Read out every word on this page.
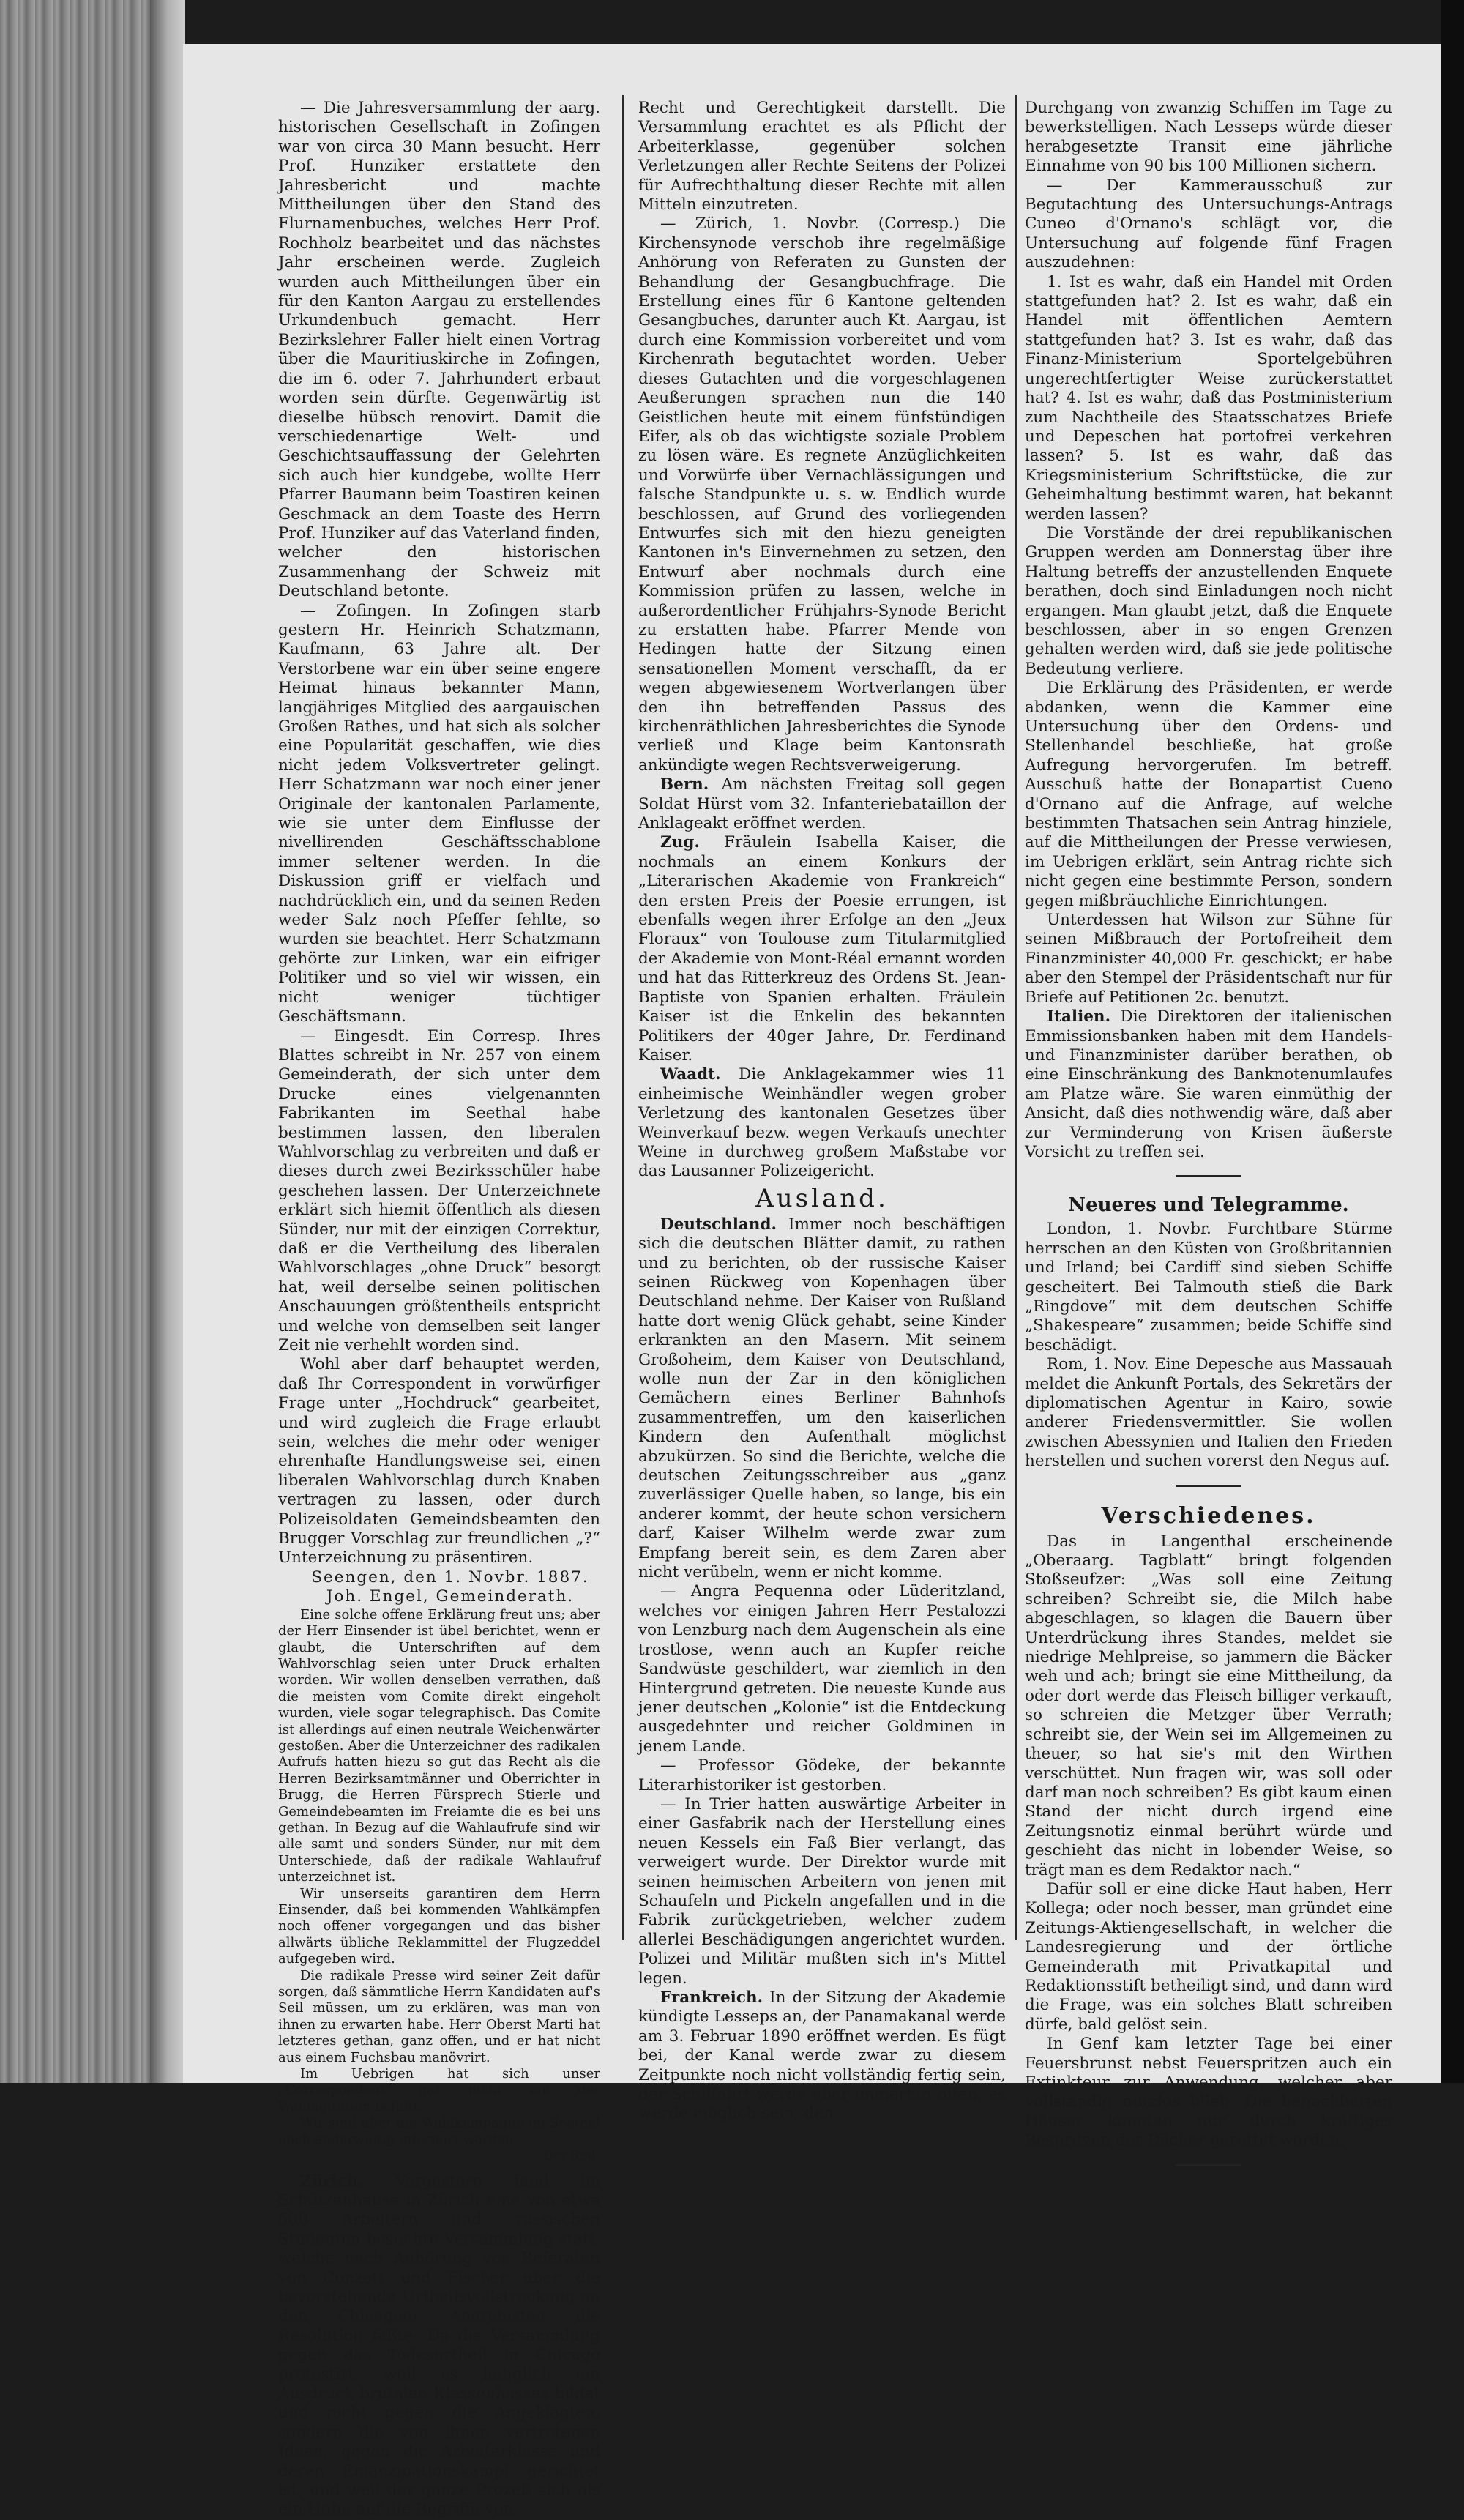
— Die Jahresversammlung der aarg. historischen Gesellschaft in Zofingen war von circa 30 Mann besucht. Herr Prof. Hunziker erstattete den Jahresbericht und machte Mittheilungen über den Stand des Flurnamenbuches, welches Herr Prof. Rochholz bearbeitet und das nächstes Jahr erscheinen werde. Zugleich wurden auch Mittheilungen über ein für den Kanton Aargau zu erstellendes Urkundenbuch gemacht. Herr Bezirkslehrer Faller hielt einen Vortrag über die Mauritiuskirche in Zofingen, die im 6. oder 7. Jahrhundert erbaut worden sein dürfte. Gegenwärtig ist dieselbe hübsch renovirt. Damit die verschiedenartige Welt- und Geschichtsauffassung der Gelehrten sich auch hier kundgebe, wollte Herr Pfarrer Baumann beim Toastiren keinen Geschmack an dem Toaste des Herrn Prof. Hunziker auf das Vaterland finden, welcher den historischen Zusammenhang der Schweiz mit Deutschland betonte.

— Zofingen. In Zofingen starb gestern Hr. Heinrich Schatzmann, Kaufmann, 63 Jahre alt. Der Verstorbene war ein über seine engere Heimat hinaus bekannter Mann, langjähriges Mitglied des aargauischen Großen Rathes, und hat sich als solcher eine Popularität geschaffen, wie dies nicht jedem Volksvertreter gelingt. Herr Schatzmann war noch einer jener Originale der kantonalen Parlamente, wie sie unter dem Einflusse der nivellirenden Geschäftsschablone immer seltener werden. In die Diskussion griff er vielfach und nachdrücklich ein, und da seinen Reden weder Salz noch Pfeffer fehlte, so wurden sie beachtet. Herr Schatzmann gehörte zur Linken, war ein eifriger Politiker und so viel wir wissen, ein nicht weniger tüchtiger Geschäftsmann.

— Eingesdt. Ein Corresp. Ihres Blattes schreibt in Nr. 257 von einem Gemeinderath, der sich unter dem Drucke eines vielgenannten Fabrikanten im Seethal habe bestimmen lassen, den liberalen Wahlvorschlag zu verbreiten und daß er dieses durch zwei Bezirksschüler habe geschehen lassen. Der Unterzeichnete erklärt sich hiemit öffentlich als diesen Sünder, nur mit der einzigen Correktur, daß er die Vertheilung des liberalen Wahlvorschlages „ohne Druck“ besorgt hat, weil derselbe seinen politischen Anschauungen größtentheils entspricht und welche von demselben seit langer Zeit nie verhehlt worden sind.

Wohl aber darf behauptet werden, daß Ihr Correspondent in vorwürfiger Frage unter „Hochdruck“ gearbeitet, und wird zugleich die Frage erlaubt sein, welches die mehr oder weniger ehrenhafte Handlungsweise sei, einen liberalen Wahlvorschlag durch Knaben vertragen zu lassen, oder durch Polizeisoldaten Gemeindsbeamten den Brugger Vorschlag zur freundlichen „?“ Unterzeichnung zu präsentiren.

Seengen, den 1. Novbr. 1887.

Joh. Engel, Gemeinderath.

Eine solche offene Erklärung freut uns; aber der Herr Einsender ist übel berichtet, wenn er glaubt, die Unterschriften auf dem Wahlvorschlag seien unter Druck erhalten worden. Wir wollen denselben verrathen, daß die meisten vom Comite direkt eingeholt wurden, viele sogar telegraphisch. Das Comite ist allerdings auf einen neutrale Weichenwärter gestoßen. Aber die Unterzeichner des radikalen Aufrufs hatten hiezu so gut das Recht als die Herren Bezirksamtmänner und Oberrichter in Brugg, die Herren Fürsprech Stierle und Gemeindebeamten im Freiamte die es bei uns gethan. In Bezug auf die Wahlaufrufe sind wir alle samt und sonders Sünder, nur mit dem Unterschiede, daß der radikale Wahlaufruf unterzeichnet ist.

Wir unserseits garantiren dem Herrn Einsender, daß bei kommenden Wahlkämpfen noch offener vorgegangen und das bisher allwärts übliche Reklammittel der Flugzeddel aufgegeben wird.

Die radikale Presse wird seiner Zeit dafür sorgen, daß sämmtliche Herrn Kandidaten auf's Seil müssen, um zu erklären, was man von ihnen zu erwarten habe. Herr Oberst Marti hat letzteres gethan, ganz offen, und er hat nicht aus einem Fuchsbau manövrirt.

Im Uebrigen hat sich unser „Correspondent“ gar nicht mit der Wahlagitation befaßt.

Wir sind über die Wahlkampagne im Seethal noch anderweitig informirt worden.

Die Red.

Zürich. Vorgestern fand im Schützenhause in Zürich eine von etwa 500 Arbeitern und russischen Studenten besuchte Versammlung statt, welche nach Anhörung von Referaten von Conzett und Fischer über die bevorstehende Urtheilsvollstreckung an den Chicagoer Anarchisten die Resolution faßte: Da die Versammlung gegen das Todesurtheil in Chicago protestirt, weil es lediglich ein Ausdruck brutalen Klassenhasses bildet und nicht gegen die Angeklagten, sondern die von ihnen vertretenen Ideen, gegen die Arbeiterklasse und deren Emanzipationskampf gerichtet ist, und weil der ganze Prozeß sich als ein Hohn auf die Begriffe von

Recht und Gerechtigkeit darstellt. Die Versammlung erachtet es als Pflicht der Arbeiterklasse, gegenüber solchen Verletzungen aller Rechte Seitens der Polizei für Aufrechthaltung dieser Rechte mit allen Mitteln einzutreten.

— Zürich, 1. Novbr. (Corresp.) Die Kirchensynode verschob ihre regelmäßige Anhörung von Referaten zu Gunsten der Behandlung der Gesangbuchfrage. Die Erstellung eines für 6 Kantone geltenden Gesangbuches, darunter auch Kt. Aargau, ist durch eine Kommission vorbereitet und vom Kirchenrath begutachtet worden. Ueber dieses Gutachten und die vorgeschlagenen Aeußerungen sprachen nun die 140 Geistlichen heute mit einem fünfstündigen Eifer, als ob das wichtigste soziale Problem zu lösen wäre. Es regnete Anzüglichkeiten und Vorwürfe über Vernachlässigungen und falsche Standpunkte u. s. w. Endlich wurde beschlossen, auf Grund des vorliegenden Entwurfes sich mit den hiezu geneigten Kantonen in's Einvernehmen zu setzen, den Entwurf aber nochmals durch eine Kommission prüfen zu lassen, welche in außerordentlicher Frühjahrs-Synode Bericht zu erstatten habe. Pfarrer Mende von Hedingen hatte der Sitzung einen sensationellen Moment verschafft, da er wegen abgewiesenem Wortverlangen über den ihn betreffenden Passus des kirchenräthlichen Jahresberichtes die Synode verließ und Klage beim Kantonsrath ankündigte wegen Rechtsverweigerung.

Bern. Am nächsten Freitag soll gegen Soldat Hürst vom 32. Infanteriebataillon der Anklageakt eröffnet werden.

Zug. Fräulein Isabella Kaiser, die nochmals an einem Konkurs der „Literarischen Akademie von Frankreich“ den ersten Preis der Poesie errungen, ist ebenfalls wegen ihrer Erfolge an den „Jeux Floraux“ von Toulouse zum Titularmitglied der Akademie von Mont-Réal ernannt worden und hat das Ritterkreuz des Ordens St. Jean-Baptiste von Spanien erhalten. Fräulein Kaiser ist die Enkelin des bekannten Politikers der 40ger Jahre, Dr. Ferdinand Kaiser.

Waadt. Die Anklagekammer wies 11 einheimische Weinhändler wegen grober Verletzung des kantonalen Gesetzes über Weinverkauf bezw. wegen Verkaufs unechter Weine in durchweg großem Maßstabe vor das Lausanner Polizeigericht.

Ausland.

Deutschland. Immer noch beschäftigen sich die deutschen Blätter damit, zu rathen und zu berichten, ob der russische Kaiser seinen Rückweg von Kopenhagen über Deutschland nehme. Der Kaiser von Rußland hatte dort wenig Glück gehabt, seine Kinder erkrankten an den Masern. Mit seinem Großoheim, dem Kaiser von Deutschland, wolle nun der Zar in den königlichen Gemächern eines Berliner Bahnhofs zusammentreffen, um den kaiserlichen Kindern den Aufenthalt möglichst abzukürzen. So sind die Berichte, welche die deutschen Zeitungsschreiber aus „ganz zuverlässiger Quelle haben, so lange, bis ein anderer kommt, der heute schon versichern darf, Kaiser Wilhelm werde zwar zum Empfang bereit sein, es dem Zaren aber nicht verübeln, wenn er nicht komme.

— Angra Pequenna oder Lüderitzland, welches vor einigen Jahren Herr Pestalozzi von Lenzburg nach dem Augenschein als eine trostlose, wenn auch an Kupfer reiche Sandwüste geschildert, war ziemlich in den Hintergrund getreten. Die neueste Kunde aus jener deutschen „Kolonie“ ist die Entdeckung ausgedehnter und reicher Goldminen in jenem Lande.

— Professor Gödeke, der bekannte Literarhistoriker ist gestorben.

— In Trier hatten auswärtige Arbeiter in einer Gasfabrik nach der Herstellung eines neuen Kessels ein Faß Bier verlangt, das verweigert wurde. Der Direktor wurde mit seinen heimischen Arbeitern von jenen mit Schaufeln und Pickeln angefallen und in die Fabrik zurückgetrieben, welcher zudem allerlei Beschädigungen angerichtet wurden. Polizei und Militär mußten sich in's Mittel legen.

Frankreich. In der Sitzung der Akademie kündigte Lesseps an, der Panamakanal werde am 3. Februar 1890 eröffnet werden. Es fügt bei, der Kanal werde zwar zu diesem Zeitpunkte noch nicht vollständig fertig sein, der Schiffahrt werde aber immerhin offen, es werde möglich sein, den

Durchgang von zwanzig Schiffen im Tage zu bewerkstelligen. Nach Lesseps würde dieser herabgesetzte Transit eine jährliche Einnahme von 90 bis 100 Millionen sichern.

— Der Kammerausschuß zur Begutachtung des Untersuchungs-Antrags Cuneo d'Ornano's schlägt vor, die Untersuchung auf folgende fünf Fragen auszudehnen:

1. Ist es wahr, daß ein Handel mit Orden stattgefunden hat? 2. Ist es wahr, daß ein Handel mit öffentlichen Aemtern stattgefunden hat? 3. Ist es wahr, daß das Finanz-Ministerium Sportelgebühren ungerechtfertigter Weise zurückerstattet hat? 4. Ist es wahr, daß das Postministerium zum Nachtheile des Staatsschatzes Briefe und Depeschen hat portofrei verkehren lassen? 5. Ist es wahr, daß das Kriegsministerium Schriftstücke, die zur Geheimhaltung bestimmt waren, hat bekannt werden lassen?

Die Vorstände der drei republikanischen Gruppen werden am Donnerstag über ihre Haltung betreffs der anzustellenden Enquete berathen, doch sind Einladungen noch nicht ergangen. Man glaubt jetzt, daß die Enquete beschlossen, aber in so engen Grenzen gehalten werden wird, daß sie jede politische Bedeutung verliere.

Die Erklärung des Präsidenten, er werde abdanken, wenn die Kammer eine Untersuchung über den Ordens- und Stellenhandel beschließe, hat große Aufregung hervorgerufen. Im betreff. Ausschuß hatte der Bonapartist Cueno d'Ornano auf die Anfrage, auf welche bestimmten Thatsachen sein Antrag hinziele, auf die Mittheilungen der Presse verwiesen, im Uebrigen erklärt, sein Antrag richte sich nicht gegen eine bestimmte Person, sondern gegen mißbräuchliche Einrichtungen.

Unterdessen hat Wilson zur Sühne für seinen Mißbrauch der Portofreiheit dem Finanzminister 40,000 Fr. geschickt; er habe aber den Stempel der Präsidentschaft nur für Briefe auf Petitionen 2c. benutzt.

Italien. Die Direktoren der italienischen Emmissionsbanken haben mit dem Handels- und Finanzminister darüber berathen, ob eine Einschränkung des Banknotenumlaufes am Platze wäre. Sie waren einmüthig der Ansicht, daß dies nothwendig wäre, daß aber zur Verminderung von Krisen äußerste Vorsicht zu treffen sei.

Neueres und Telegramme.

London, 1. Novbr. Furchtbare Stürme herrschen an den Küsten von Großbritannien und Irland; bei Cardiff sind sieben Schiffe gescheitert. Bei Talmouth stieß die Bark „Ringdove“ mit dem deutschen Schiffe „Shakespeare“ zusammen; beide Schiffe sind beschädigt.

Rom, 1. Nov. Eine Depesche aus Massauah meldet die Ankunft Portals, des Sekretärs der diplomatischen Agentur in Kairo, sowie anderer Friedensvermittler. Sie wollen zwischen Abessynien und Italien den Frieden herstellen und suchen vorerst den Negus auf.

Verschiedenes.

Das in Langenthal erscheinende „Oberaarg. Tagblatt“ bringt folgenden Stoßseufzer: „Was soll eine Zeitung schreiben? Schreibt sie, die Milch habe abgeschlagen, so klagen die Bauern über Unterdrückung ihres Standes, meldet sie niedrige Mehlpreise, so jammern die Bäcker weh und ach; bringt sie eine Mittheilung, da oder dort werde das Fleisch billiger verkauft, so schreien die Metzger über Verrath; schreibt sie, der Wein sei im Allgemeinen zu theuer, so hat sie's mit den Wirthen verschüttet. Nun fragen wir, was soll oder darf man noch schreiben? Es gibt kaum einen Stand der nicht durch irgend eine Zeitungsnotiz einmal berührt würde und geschieht das nicht in lobender Weise, so trägt man es dem Redaktor nach.“

Dafür soll er eine dicke Haut haben, Herr Kollega; oder noch besser, man gründet eine Zeitungs-Aktiengesellschaft, in welcher die Landesregierung und der örtliche Gemeinderath mit Privatkapital und Redaktionsstift betheiligt sind, und dann wird die Frage, was ein solches Blatt schreiben dürfe, bald gelöst sein.

In Genf kam letzter Tage bei einer Feuersbrunst nebst Feuerspritzen auch ein Extinkteur zur Anwendung, welcher aber vollständig nutzlos blieb. Die benachbarten Häuser konnten nur durch kräftiges Bespritzen der Dächer gerettet werden.
